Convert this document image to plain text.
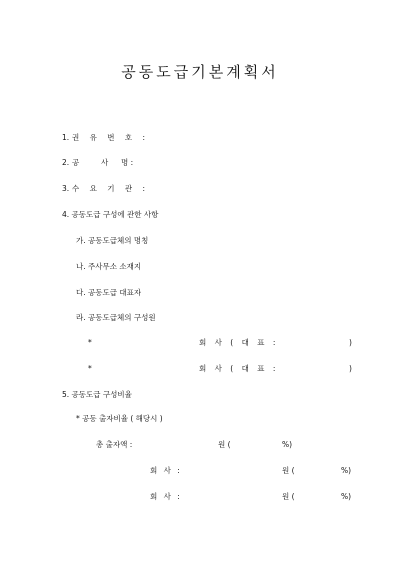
공동도급기본계획서
1. 권 유 번 호 :
2. 공	사 명 :
3. 수 요 기 관 :
4. 공동도급 구성에 관한 사항
가. 공동도급체의 명칭
나. 주사무소 소재지
다. 공동도급 대표자
라. 공동도급체의 구성원
*	회 사 ( 대 표 :	)
*	회 사 ( 대 표 :	)
5. 공동도급 구성비율
* 공동 출자비율 ( 해당시 )
총 출자액 :	원 (	%)
회 사 :	원 (	%)
회 사 :	원 (	%)
